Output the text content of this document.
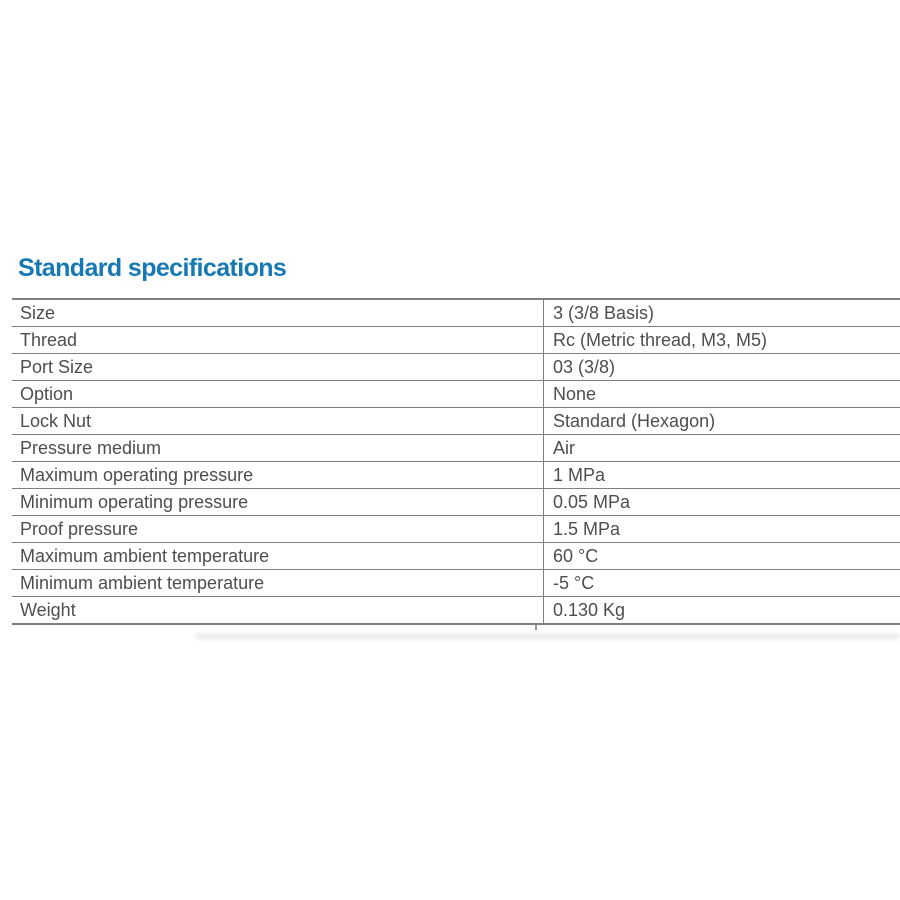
Standard specifications
Size	3 (3/8 Basis)
Thread	Rc (Metric thread, M3, M5)
Port Size	03 (3/8)
Option	None
Lock Nut	Standard (Hexagon)
Pressure medium	Air
Maximum operating pressure	1 MPa
Minimum operating pressure	0.05 MPa
Proof pressure	1.5 MPa
Maximum ambient temperature	60 °C
Minimum ambient temperature	-5 °C
Weight	0.130 Kg
